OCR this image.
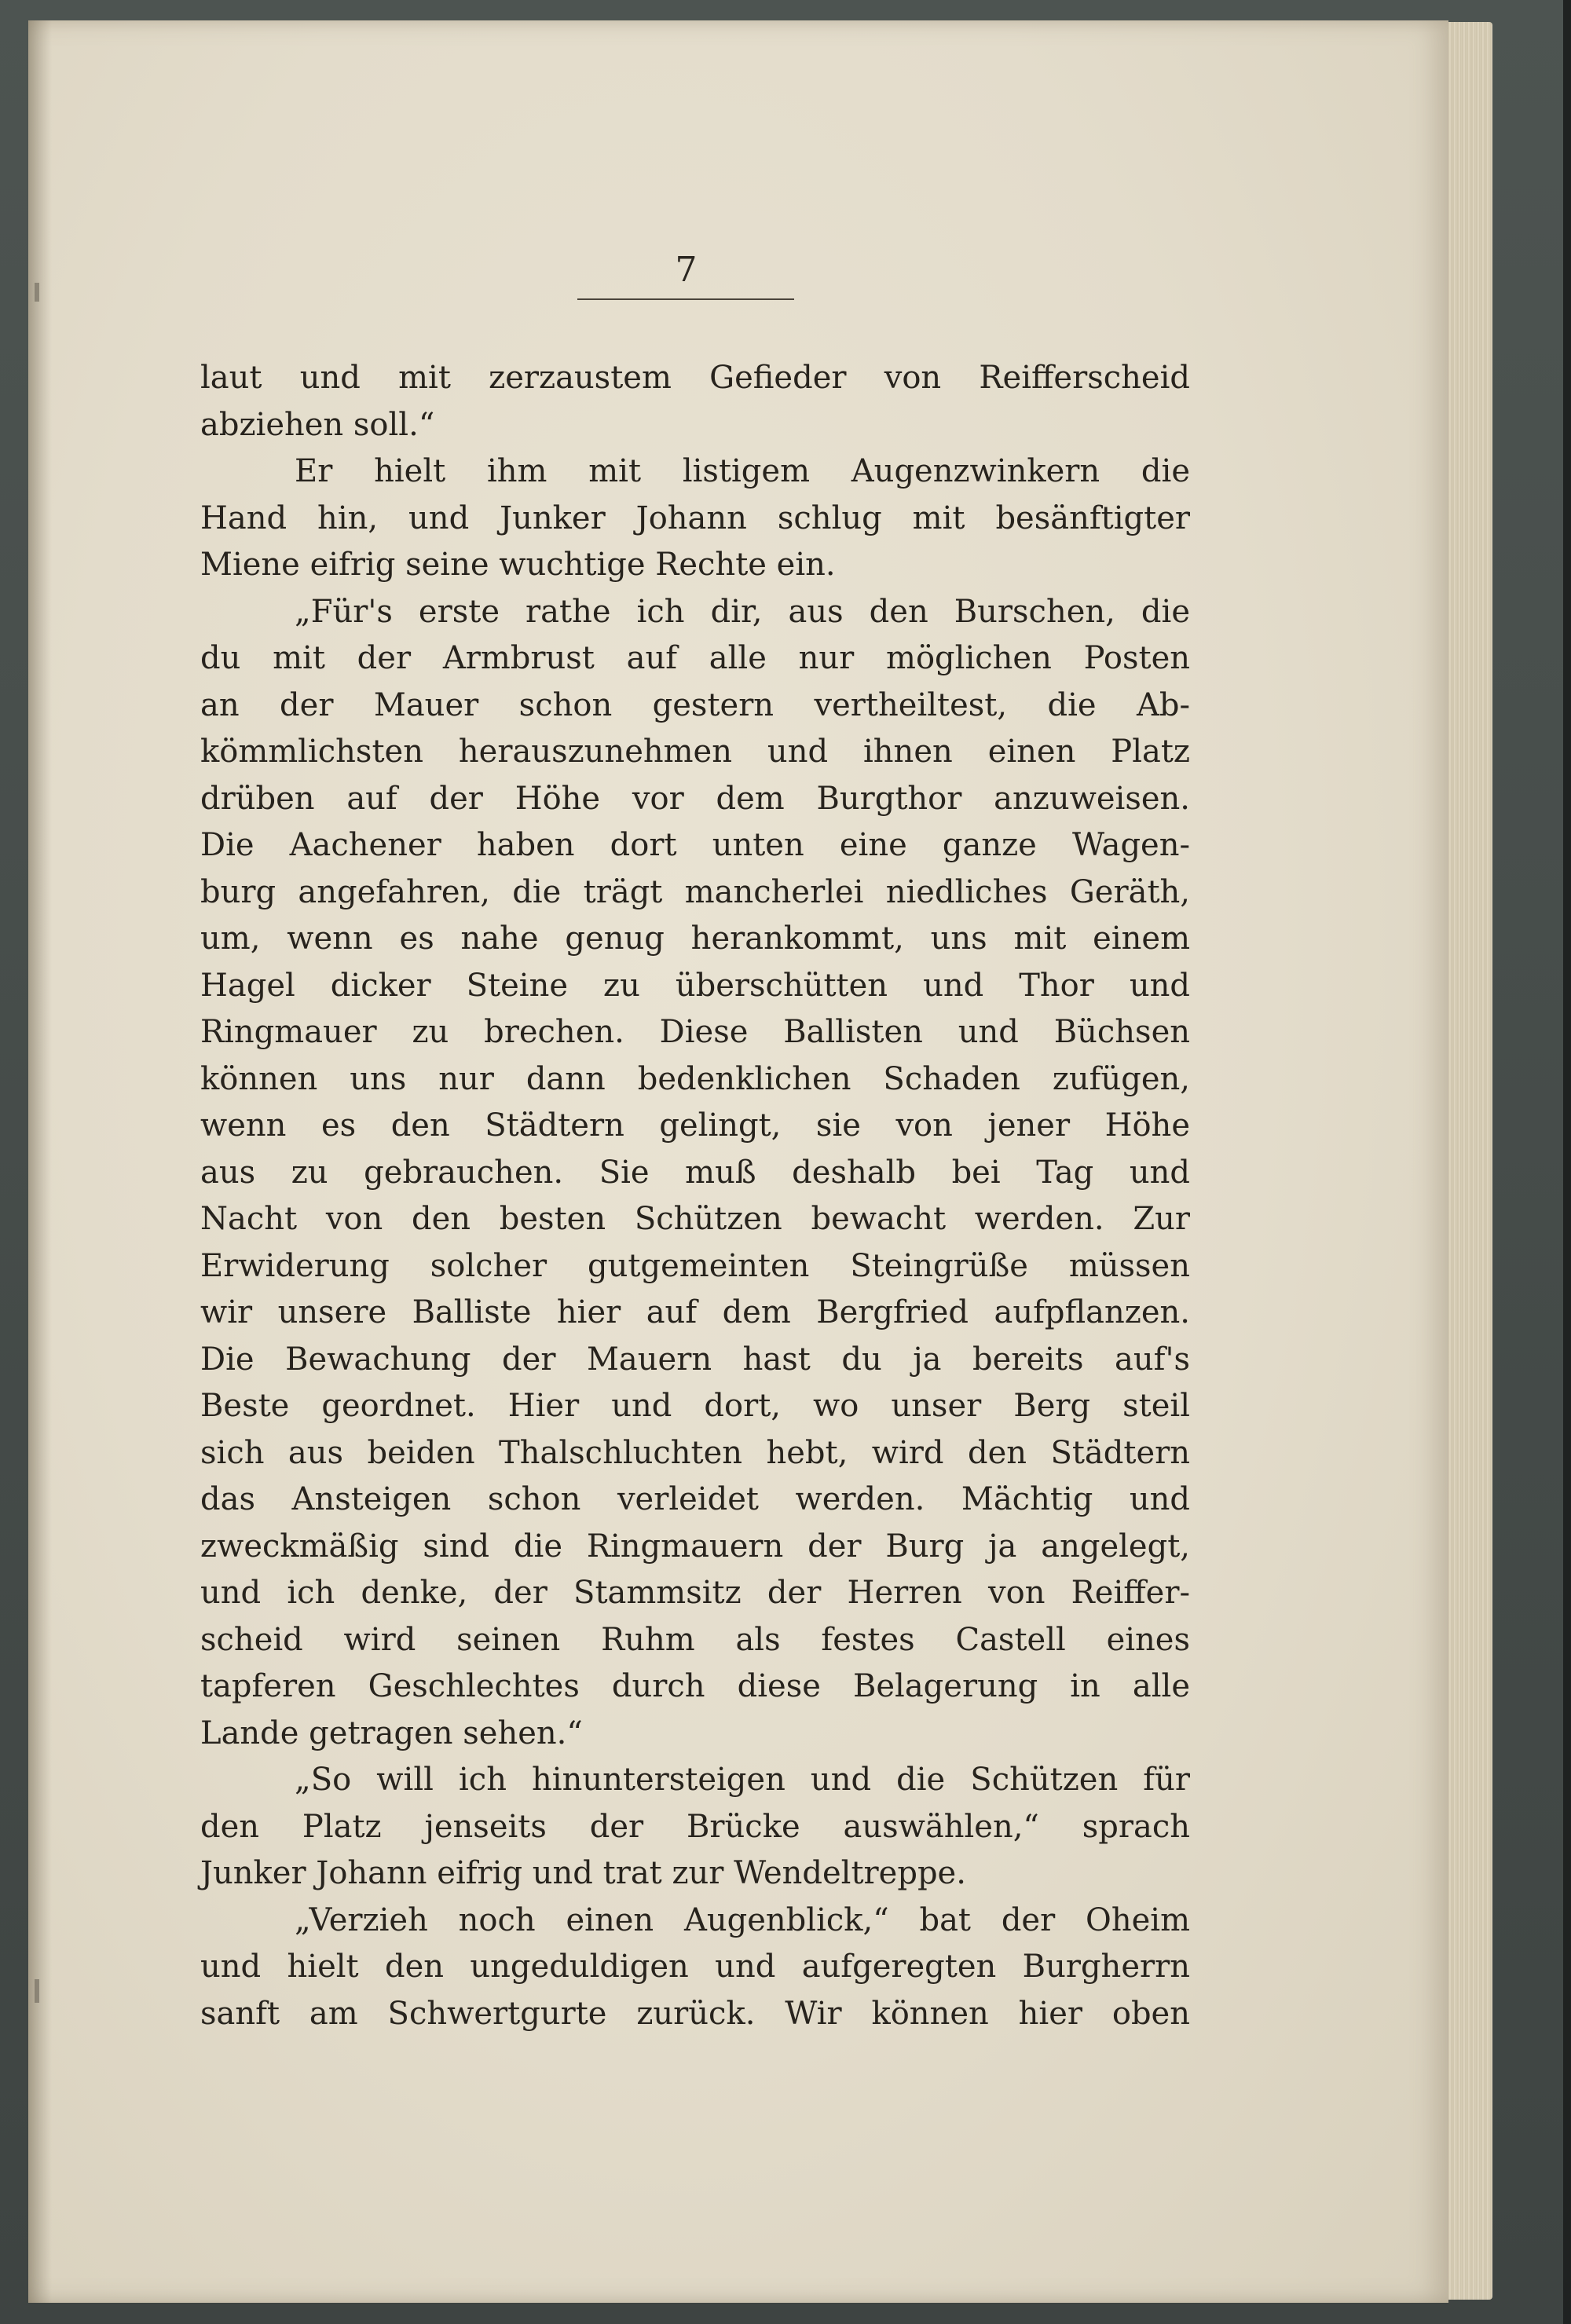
7
laut und mit zerzaustem Gefieder von Reifferscheid
abziehen soll.“
Er hielt ihm mit listigem Augenzwinkern die
Hand hin, und Junker Johann schlug mit besänftigter
Miene eifrig seine wuchtige Rechte ein.
„Für's erste rathe ich dir, aus den Burschen, die
du mit der Armbrust auf alle nur möglichen Posten
an der Mauer schon gestern vertheiltest, die Ab-
kömmlichsten herauszunehmen und ihnen einen Platz
drüben auf der Höhe vor dem Burgthor anzuweisen.
Die Aachener haben dort unten eine ganze Wagen-
burg angefahren, die trägt mancherlei niedliches Geräth,
um, wenn es nahe genug herankommt, uns mit einem
Hagel dicker Steine zu überschütten und Thor und
Ringmauer zu brechen. Diese Ballisten und Büchsen
können uns nur dann bedenklichen Schaden zufügen,
wenn es den Städtern gelingt, sie von jener Höhe
aus zu gebrauchen. Sie muß deshalb bei Tag und
Nacht von den besten Schützen bewacht werden. Zur
Erwiderung solcher gutgemeinten Steingrüße müssen
wir unsere Balliste hier auf dem Bergfried aufpflanzen.
Die Bewachung der Mauern hast du ja bereits auf's
Beste geordnet. Hier und dort, wo unser Berg steil
sich aus beiden Thalschluchten hebt, wird den Städtern
das Ansteigen schon verleidet werden. Mächtig und
zweckmäßig sind die Ringmauern der Burg ja angelegt,
und ich denke, der Stammsitz der Herren von Reiffer-
scheid wird seinen Ruhm als festes Castell eines
tapferen Geschlechtes durch diese Belagerung in alle
Lande getragen sehen.“
„So will ich hinuntersteigen und die Schützen für
den Platz jenseits der Brücke auswählen,“ sprach
Junker Johann eifrig und trat zur Wendeltreppe.
„Verzieh noch einen Augenblick,“ bat der Oheim
und hielt den ungeduldigen und aufgeregten Burgherrn
sanft am Schwertgurte zurück. Wir können hier oben
